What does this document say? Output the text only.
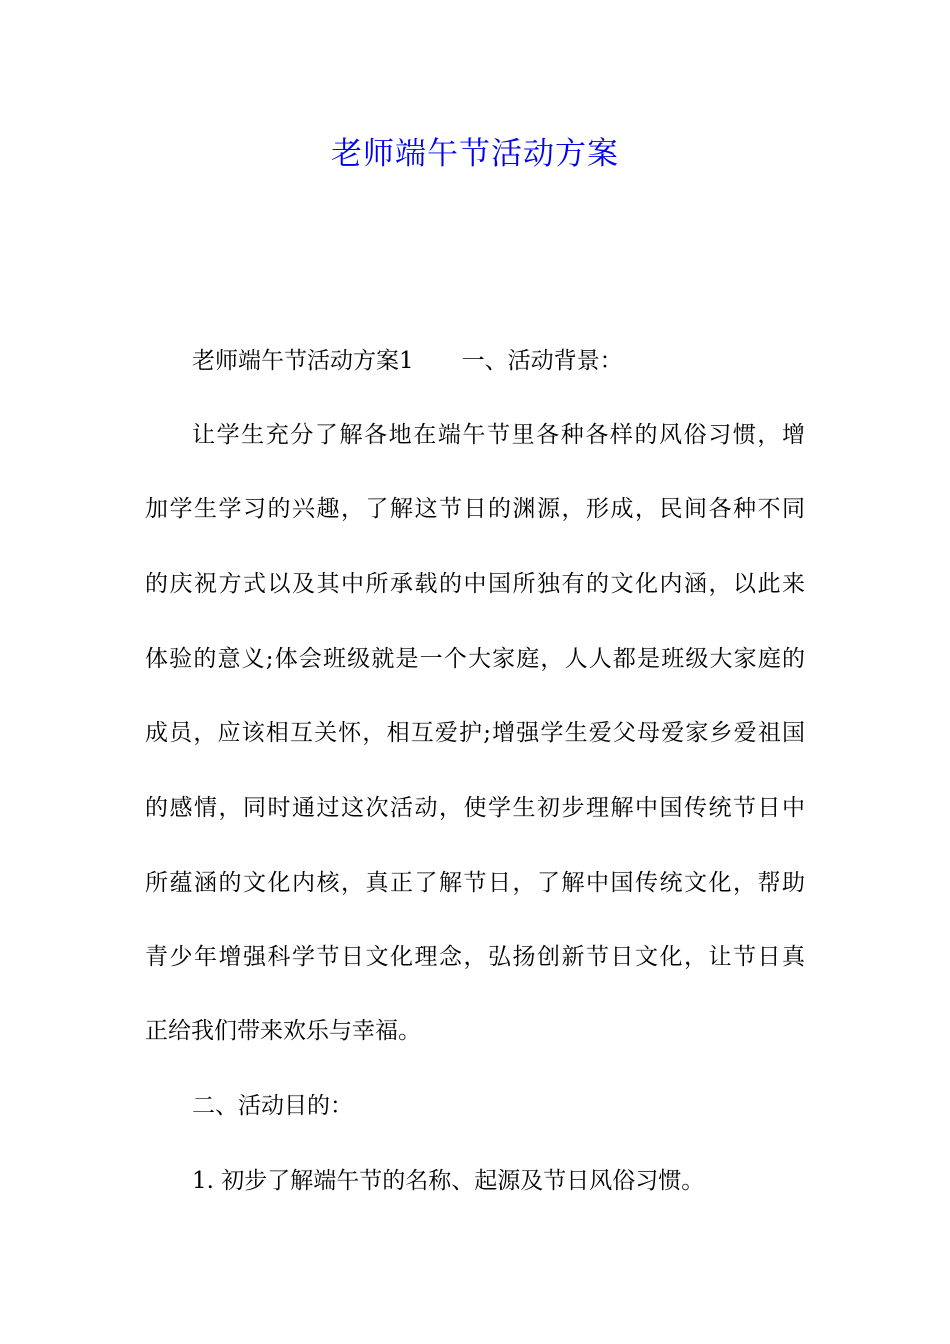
老师端午节活动方案
老师端午节活动方案1 一、活动背景：
让学生充分了解各地在端午节里各种各样的风俗习惯，增
加学生学习的兴趣，了解这节日的渊源，形成，民间各种不同
的庆祝方式以及其中所承载的中国所独有的文化内涵，以此来
体验的意义;体会班级就是一个大家庭，人人都是班级大家庭的
成员，应该相互关怀，相互爱护;增强学生爱父母爱家乡爱祖国
的感情，同时通过这次活动，使学生初步理解中国传统节日中
所蕴涵的文化内核，真正了解节日，了解中国传统文化，帮助
青少年增强科学节日文化理念，弘扬创新节日文化，让节日真
正给我们带来欢乐与幸福。
二、活动目的：
1. 初步了解端午节的名称、起源及节日风俗习惯。
